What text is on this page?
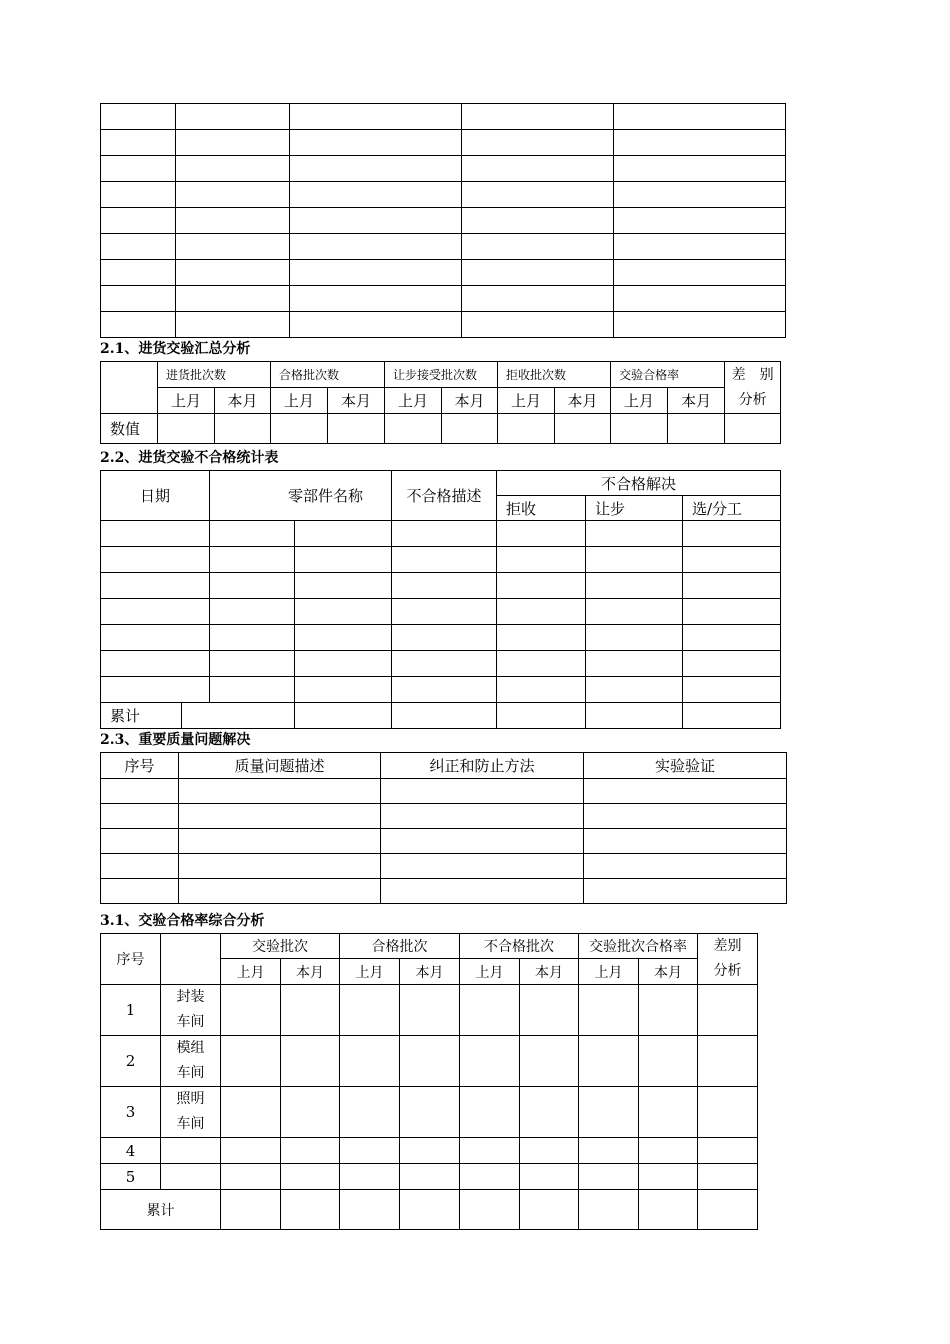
2.1、进货交验汇总分析
	进货批次数		合格批次数		让步接受批次数		拒收批次数		交验合格率		差　别
分析

	上月	本月	上月	本月	上月	本月	上月	本月	上月	本月	
数值											
2.2、进货交验不合格统计表
日期	零部件名称	不合格描述	不合格解决		
			拒收	让步	选/分工

累计							
2.3、重要质量问题解决
序号	质量问题描述	纠正和防止方法	实验验证

3.1、交验合格率综合分析
序号		交验批次		合格批次		不合格批次		交验批次合格率		差别
分析

		上月	本月	上月	本月	上月	本月	上月	本月	
1	封装
车间									

2	模组
车间									

3	照明
车间									

4										
5										
累计										
